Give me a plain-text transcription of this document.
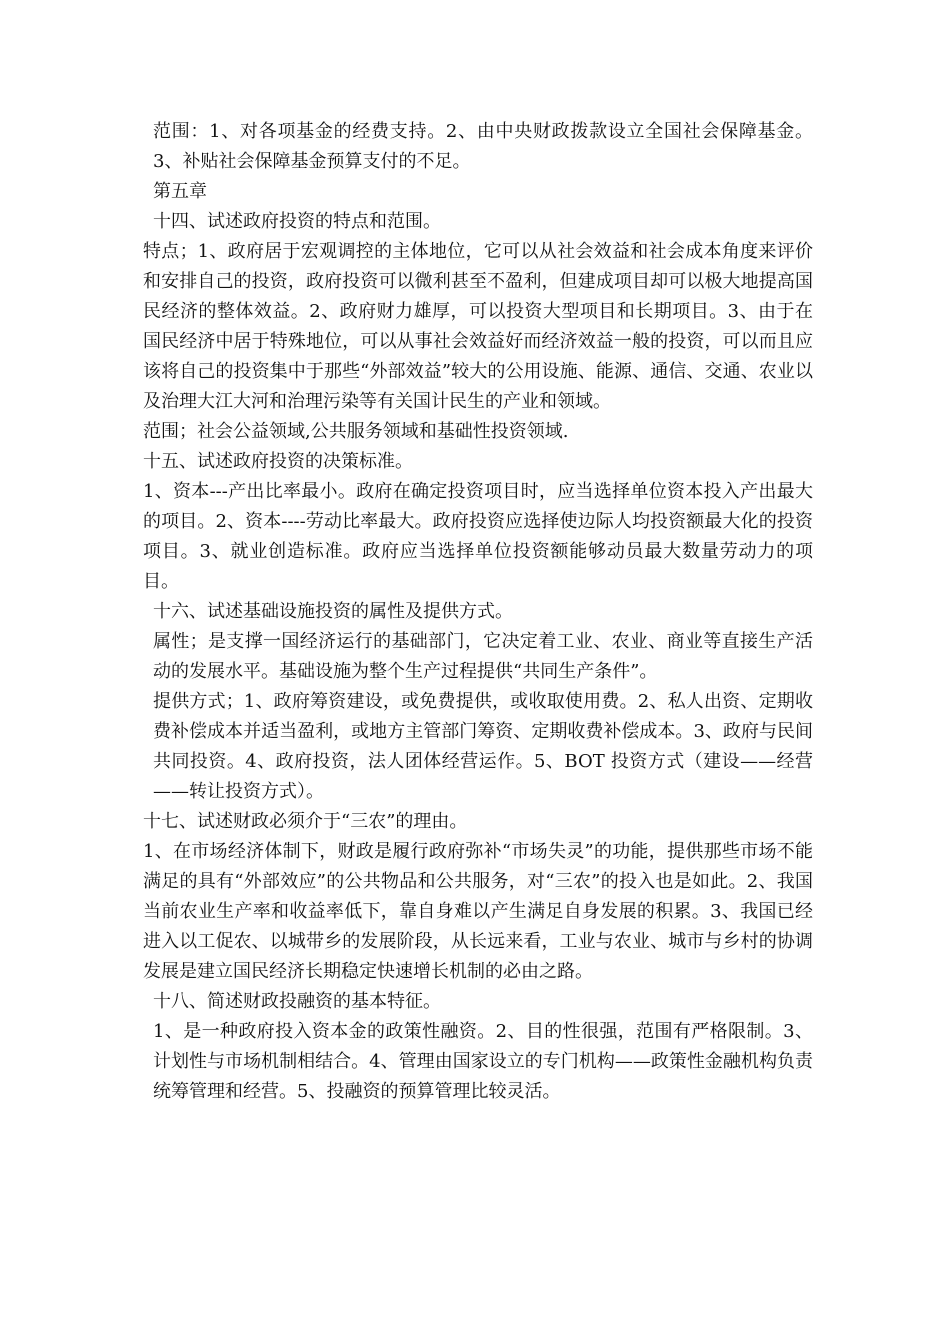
范围：1、对各项基金的经费支持。2、由中央财政拨款设立全国社会保障基金。3、补贴社会保障基金预算支付的不足。

第五章

十四、试述政府投资的特点和范围。

特点；1、政府居于宏观调控的主体地位，它可以从社会效益和社会成本角度来评价和安排自己的投资，政府投资可以微利甚至不盈利，但建成项目却可以极大地提高国民经济的整体效益。2、政府财力雄厚，可以投资大型项目和长期项目。3、由于在国民经济中居于特殊地位，可以从事社会效益好而经济效益一般的投资，可以而且应该将自己的投资集中于那些“外部效益”较大的公用设施、能源、通信、交通、农业以及治理大江大河和治理污染等有关国计民生的产业和领域。

范围；社会公益领域,公共服务领域和基础性投资领域.

十五、试述政府投资的决策标准。

1、资本---产出比率最小。政府在确定投资项目时，应当选择单位资本投入产出最大的项目。2、资本----劳动比率最大。政府投资应选择使边际人均投资额最大化的投资项目。3、就业创造标准。政府应当选择单位投资额能够动员最大数量劳动力的项目。

十六、试述基础设施投资的属性及提供方式。

属性；是支撑一国经济运行的基础部门，它决定着工业、农业、商业等直接生产活动的发展水平。基础设施为整个生产过程提供“共同生产条件”。

提供方式；1、政府筹资建设，或免费提供，或收取使用费。2、私人出资、定期收费补偿成本并适当盈利，或地方主管部门筹资、定期收费补偿成本。3、政府与民间共同投资。4、政府投资，法人团体经营运作。5、BOT 投资方式（建设——经营——转让投资方式）。

十七、试述财政必须介于“三农”的理由。

1、在市场经济体制下，财政是履行政府弥补“市场失灵”的功能，提供那些市场不能满足的具有“外部效应”的公共物品和公共服务，对“三农”的投入也是如此。2、我国当前农业生产率和收益率低下，靠自身难以产生满足自身发展的积累。3、我国已经进入以工促农、以城带乡的发展阶段，从长远来看，工业与农业、城市与乡村的协调发展是建立国民经济长期稳定快速增长机制的必由之路。

十八、简述财政投融资的基本特征。

1、是一种政府投入资本金的政策性融资。2、目的性很强，范围有严格限制。3、计划性与市场机制相结合。4、管理由国家设立的专门机构——政策性金融机构负责统筹管理和经营。5、投融资的预算管理比较灵活。
